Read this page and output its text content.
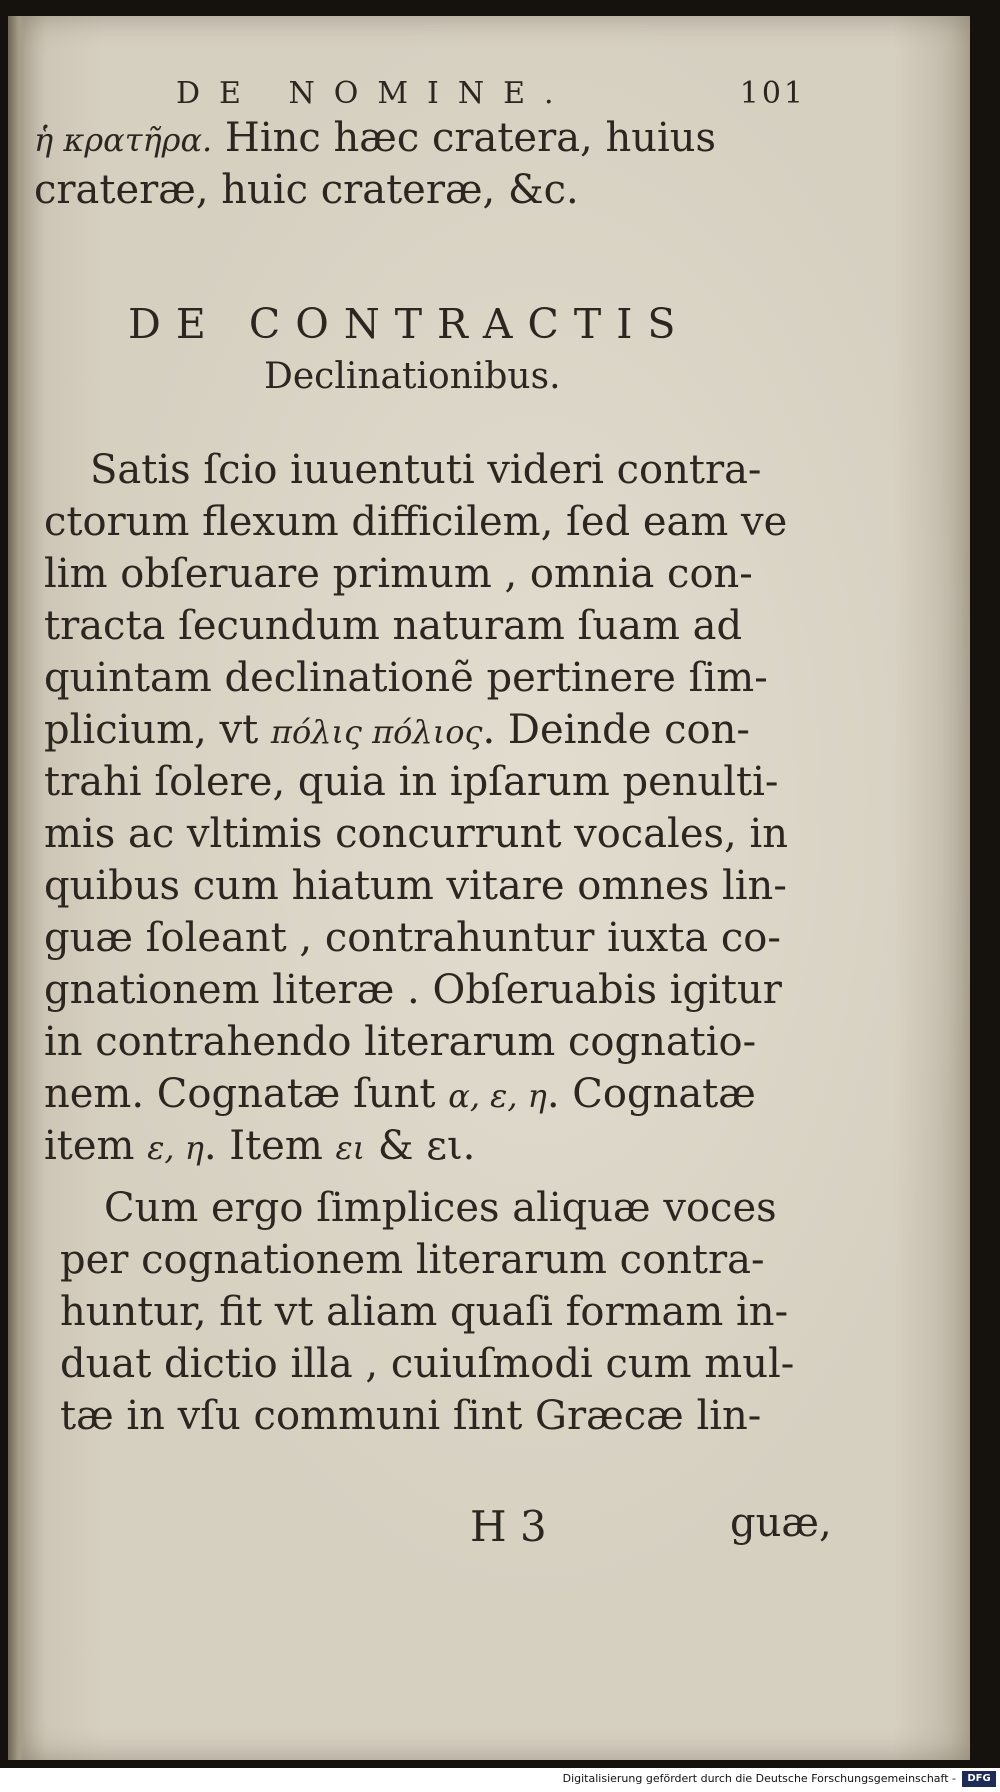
DE NOMINE.	101
ἡ κρατῆρα. Hinc hæc cratera, huius
crateræ, huic crateræ, &c.
DE CONTRACTIS
Declinationibus.
Satis ſcio iuuentuti videri contra-
ctorum flexum difficilem, ſed eam ve
lim obſeruare primum , omnia con-
tracta ſecundum naturam ſuam ad
quintam declinationẽ pertinere ſim-
plicium, vt πόλις πόλιος. Deinde con-
trahi ſolere, quia in ipſarum penulti-
mis ac vltimis concurrunt vocales, in
quibus cum hiatum vitare omnes lin-
guæ ſoleant , contrahuntur iuxta co-
gnationem literæ . Obſeruabis igitur
in contrahendo literarum cognatio-
nem. Cognatæ ſunt α, ε, η. Cognatæ
item ε, η. Item ει & ει.
Cum ergo ſimplices aliquæ voces
per cognationem literarum contra-
huntur, fit vt aliam quaſi formam in-
duat dictio illa , cuiuſmodi cum mul-
tæ in vſu communi ſint Græcæ lin-
H 3	guæ,
Digitalisierung gefördert durch die Deutsche Forschungsgemeinschaft -	DFG
